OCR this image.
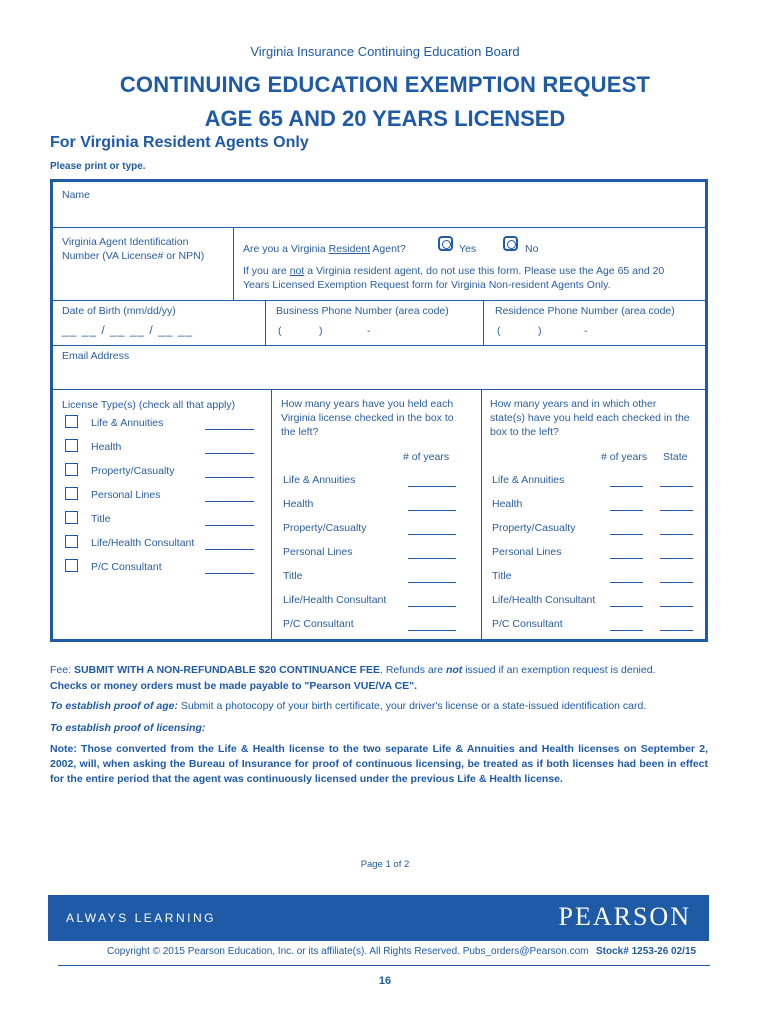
Virginia Insurance Continuing Education Board
CONTINUING EDUCATION EXEMPTION REQUEST
AGE 65 AND 20 YEARS LICENSED
For Virginia Resident Agents Only
Please print or type.
Name
Virginia Agent Identification
Number (VA License# or NPN)
Are you a Virginia Resident Agent?	Yes	No
If you are not a Virginia resident agent, do not use this form. Please use the Age 65 and 20
Years Licensed Exemption Request form for Virginia Non-resident Agents Only.
Date of Birth (mm/dd/yy)
__ __ / __ __ / __ __
Business Phone Number (area code)
(	)	-
Residence Phone Number (area code)
(	)	-
Email Address
License Type(s) (check all that apply)
Life & Annuities
Health
Property/Casualty
Personal Lines
Title
Life/Health Consultant
P/C Consultant
How many years have you held each
Virginia license checked in the box to
the left?
# of years
Life & Annuities
Health
Property/Casualty
Personal Lines
Title
Life/Health Consultant
P/C Consultant
How many years and in which other
state(s) have you held each checked in the
box to the left?
# of years State
Life & Annuities
Health
Property/Casualty
Personal Lines
Title
Life/Health Consultant
P/C Consultant
Fee: SUBMIT WITH A NON-REFUNDABLE $20 CONTINUANCE FEE. Refunds are not issued if an exemption request is denied.
Checks or money orders must be made payable to "Pearson VUE/VA CE".
To establish proof of age: Submit a photocopy of your birth certificate, your driver's license or a state-issued identification card.
To establish proof of licensing:
Note: Those converted from the Life & Health license to the two separate Life & Annuities and Health licenses on September 2, 2002, will, when asking the Bureau of Insurance for proof of continuous licensing, be treated as if both licenses had been in effect for the entire period that the agent was continuously licensed under the previous Life & Health license.
Page 1 of 2
ALWAYS LEARNING	PEARSON
Copyright © 2015 Pearson Education, Inc. or its affiliate(s). All Rights Reserved. Pubs_orders@Pearson.com Stock# 1253-26 02/15
16
